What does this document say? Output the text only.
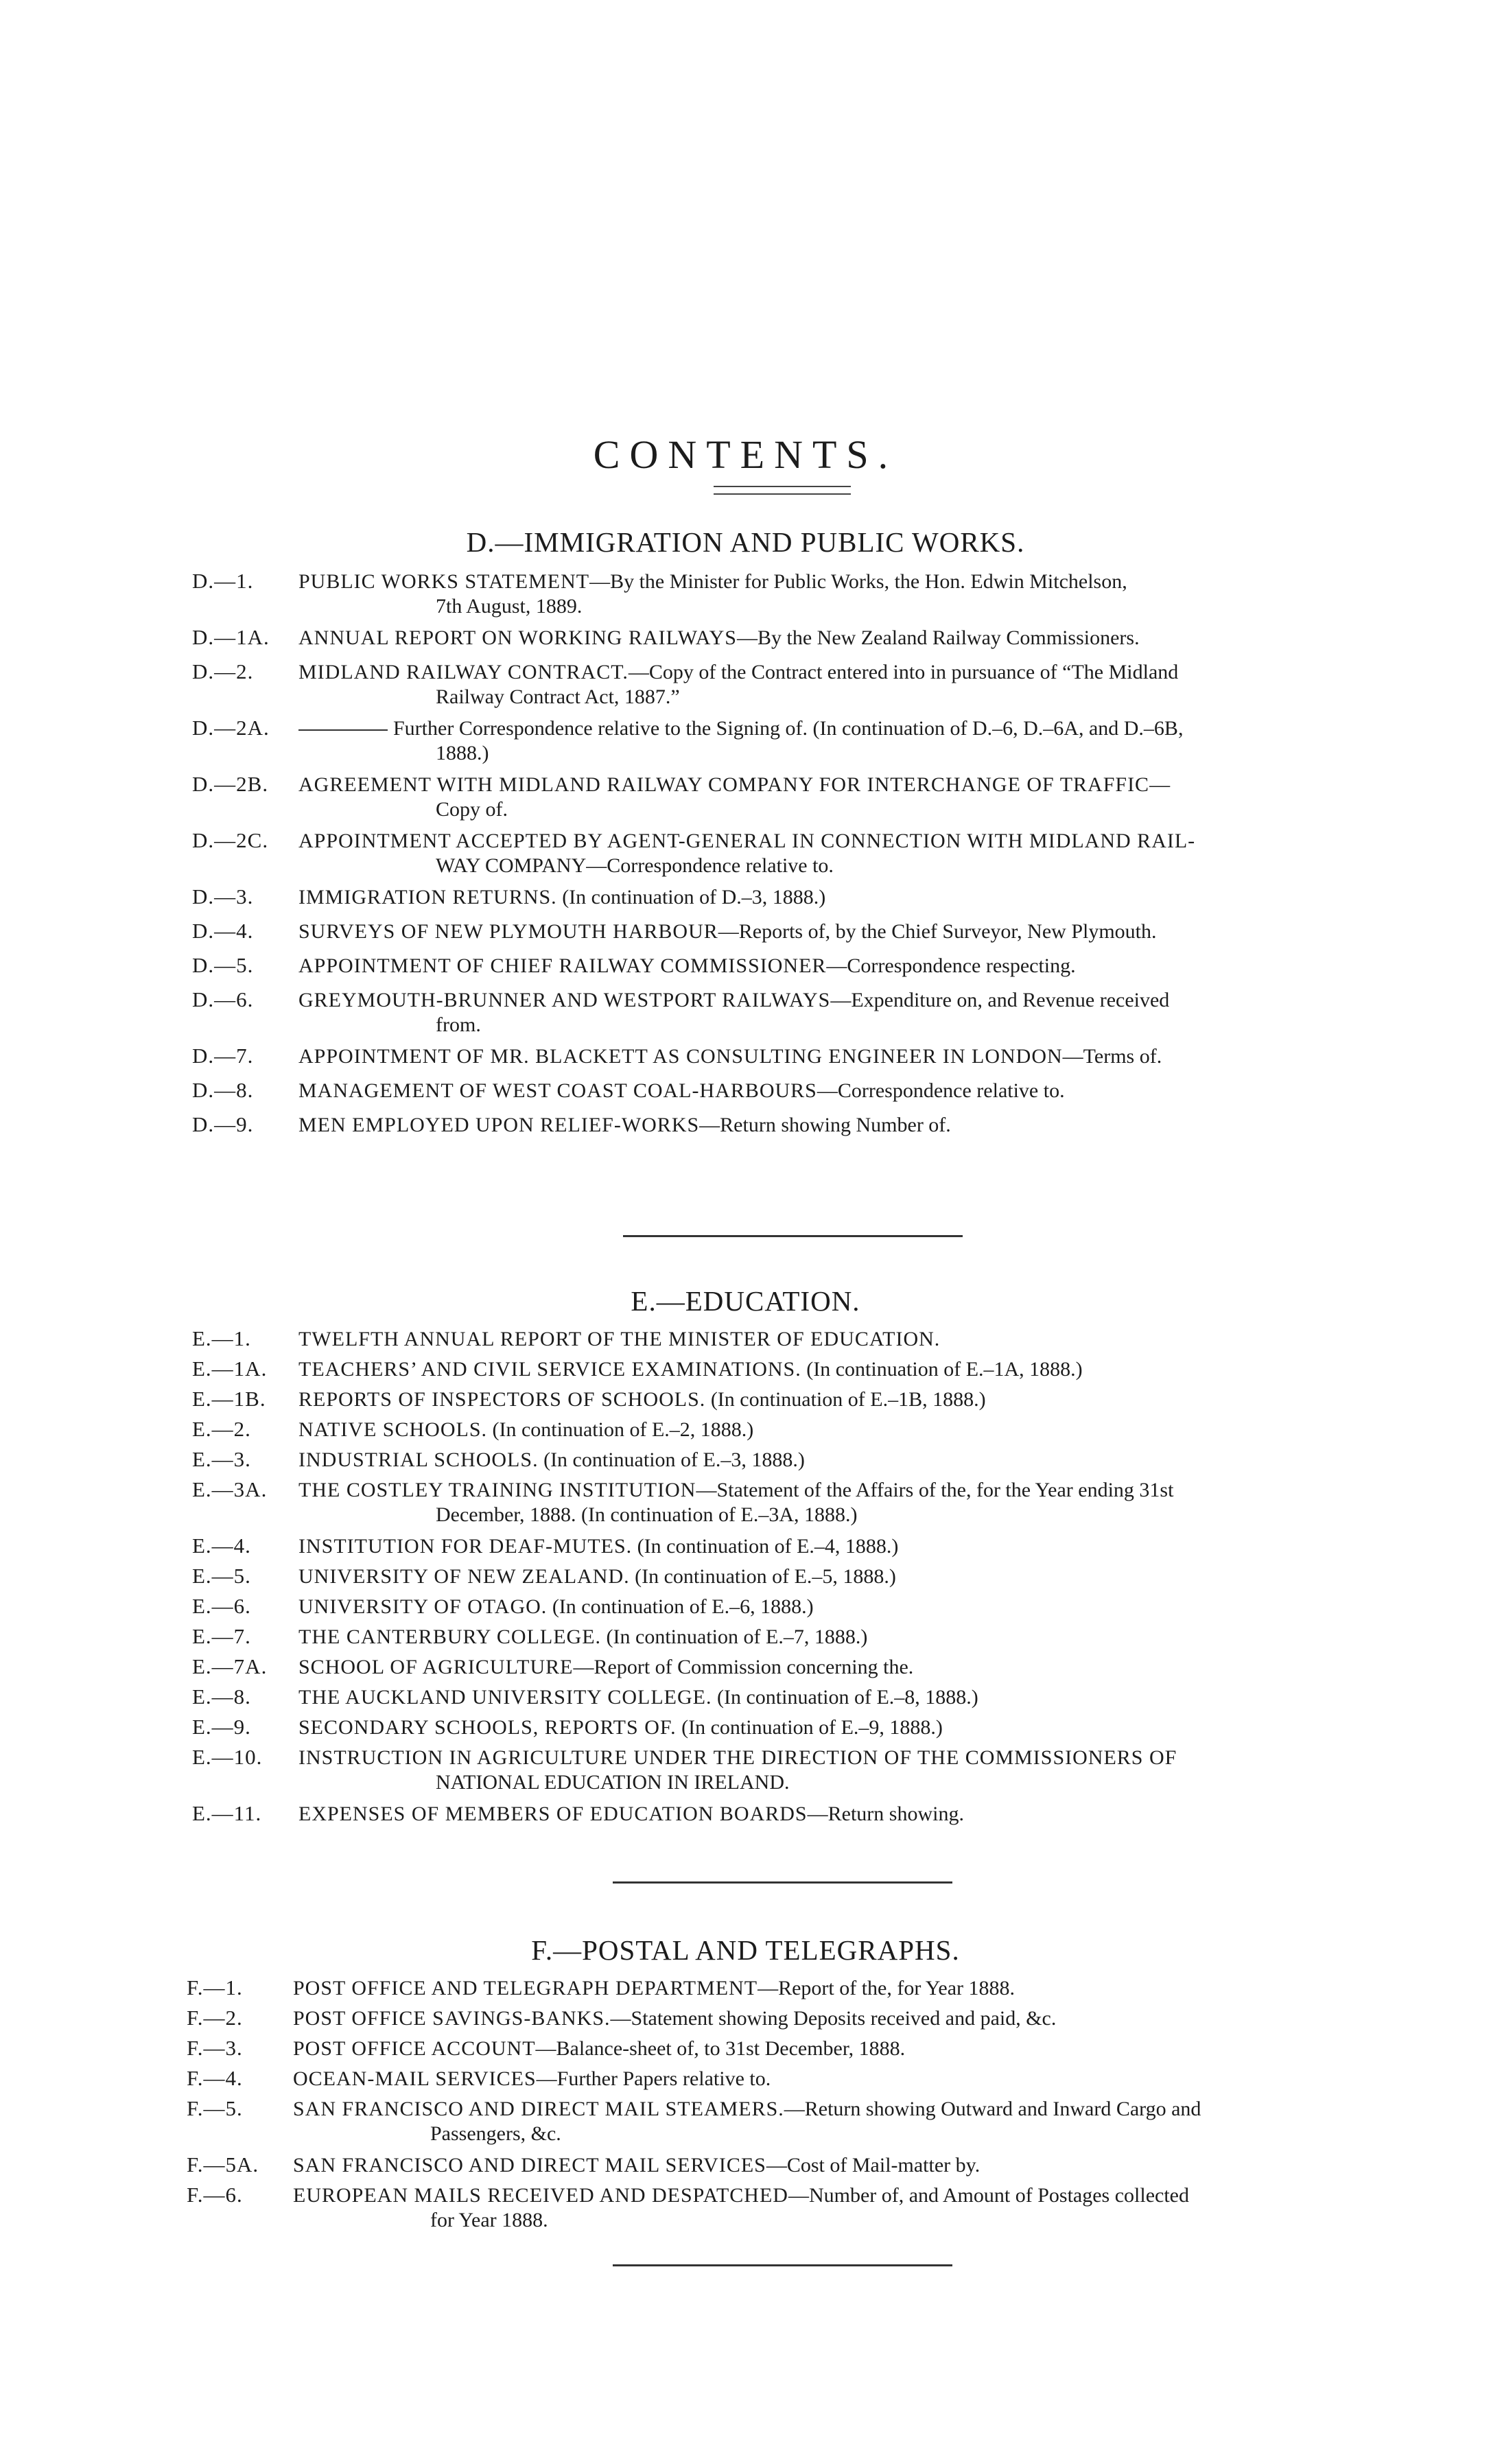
CONTENTS.
D.—IMMIGRATION AND PUBLIC WORKS.
D.—1.	PUBLIC WORKS STATEMENT—By the Minister for Public Works, the Hon. Edwin Mitchelson,
7th August, 1889.
D.—1A.	ANNUAL REPORT ON WORKING RAILWAYS—By the New Zealand Railway Commissioners.
D.—2.	MIDLAND RAILWAY CONTRACT.—Copy of the Contract entered into in pursuance of “The Midland
Railway Contract Act, 1887.”
D.—2A.	Further Correspondence relative to the Signing of. (In continuation of D.–6, D.–6A, and D.–6B,
1888.)
D.—2B.	AGREEMENT WITH MIDLAND RAILWAY COMPANY FOR INTERCHANGE OF TRAFFIC—
Copy of.
D.—2C.	APPOINTMENT ACCEPTED BY AGENT-GENERAL IN CONNECTION WITH MIDLAND RAIL-
WAY COMPANY—Correspondence relative to.
D.—3.	IMMIGRATION RETURNS. (In continuation of D.–3, 1888.)
D.—4.	SURVEYS OF NEW PLYMOUTH HARBOUR—Reports of, by the Chief Surveyor, New Plymouth.
D.—5.	APPOINTMENT OF CHIEF RAILWAY COMMISSIONER—Correspondence respecting.
D.—6.	GREYMOUTH-BRUNNER AND WESTPORT RAILWAYS—Expenditure on, and Revenue received
from.
D.—7.	APPOINTMENT OF MR. BLACKETT AS CONSULTING ENGINEER IN LONDON—Terms of.
D.—8.	MANAGEMENT OF WEST COAST COAL-HARBOURS—Correspondence relative to.
D.—9.	MEN EMPLOYED UPON RELIEF-WORKS—Return showing Number of.
E.—EDUCATION.
E.—1.	TWELFTH ANNUAL REPORT OF THE MINISTER OF EDUCATION.
E.—1A.	TEACHERS’ AND CIVIL SERVICE EXAMINATIONS. (In continuation of E.–1A, 1888.)
E.—1B.	REPORTS OF INSPECTORS OF SCHOOLS. (In continuation of E.–1B, 1888.)
E.—2.	NATIVE SCHOOLS. (In continuation of E.–2, 1888.)
E.—3.	INDUSTRIAL SCHOOLS. (In continuation of E.–3, 1888.)
E.—3A.	THE COSTLEY TRAINING INSTITUTION—Statement of the Affairs of the, for the Year ending 31st
December, 1888. (In continuation of E.–3A, 1888.)
E.—4.	INSTITUTION FOR DEAF-MUTES. (In continuation of E.–4, 1888.)
E.—5.	UNIVERSITY OF NEW ZEALAND. (In continuation of E.–5, 1888.)
E.—6.	UNIVERSITY OF OTAGO. (In continuation of E.–6, 1888.)
E.—7.	THE CANTERBURY COLLEGE. (In continuation of E.–7, 1888.)
E.—7A.	SCHOOL OF AGRICULTURE—Report of Commission concerning the.
E.—8.	THE AUCKLAND UNIVERSITY COLLEGE. (In continuation of E.–8, 1888.)
E.—9.	SECONDARY SCHOOLS, REPORTS OF. (In continuation of E.–9, 1888.)
E.—10.	INSTRUCTION IN AGRICULTURE UNDER THE DIRECTION OF THE COMMISSIONERS OF
NATIONAL EDUCATION IN IRELAND.
E.—11.	EXPENSES OF MEMBERS OF EDUCATION BOARDS—Return showing.
F.—POSTAL AND TELEGRAPHS.
F.—1.	POST OFFICE AND TELEGRAPH DEPARTMENT—Report of the, for Year 1888.
F.—2.	POST OFFICE SAVINGS-BANKS.—Statement showing Deposits received and paid, &c.
F.—3.	POST OFFICE ACCOUNT—Balance-sheet of, to 31st December, 1888.
F.—4.	OCEAN-MAIL SERVICES—Further Papers relative to.
F.—5.	SAN FRANCISCO AND DIRECT MAIL STEAMERS.—Return showing Outward and Inward Cargo and
Passengers, &c.
F.—5A.	SAN FRANCISCO AND DIRECT MAIL SERVICES—Cost of Mail-matter by.
F.—6.	EUROPEAN MAILS RECEIVED AND DESPATCHED—Number of, and Amount of Postages collected
for Year 1888.
